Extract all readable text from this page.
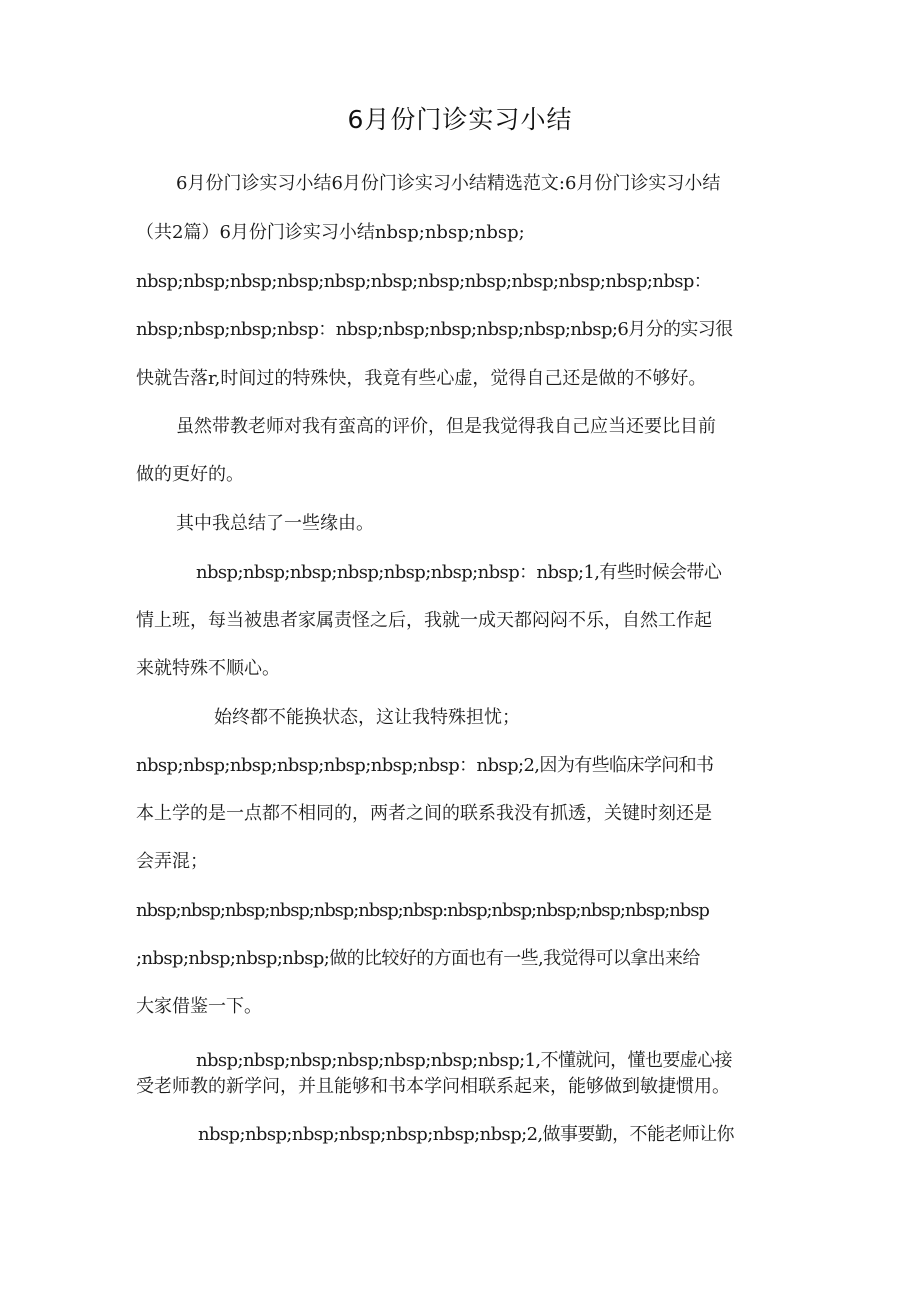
6月份门诊实习小结

6月份门诊实习小结6月份门诊实习小结精选范文:6月份门诊实习小结

（共2篇）6月份门诊实习小结nbsp;nbsp;nbsp;

nbsp;nbsp;nbsp;nbsp;nbsp;nbsp;nbsp;nbsp;nbsp;nbsp;nbsp;nbsp：

nbsp;nbsp;nbsp;nbsp：nbsp;nbsp;nbsp;nbsp;nbsp;nbsp;6月分的实习很

快就告落r,时间过的特殊快，我竟有些心虚，觉得自己还是做的不够好。

虽然带教老师对我有蛮高的评价，但是我觉得我自己应当还要比目前

做的更好的。

其中我总结了一些缘由。

nbsp;nbsp;nbsp;nbsp;nbsp;nbsp;nbsp：nbsp;1,有些时候会带心

情上班，每当被患者家属责怪之后，我就一成天都闷闷不乐，自然工作起

来就特殊不顺心。

始终都不能换状态，这让我特殊担忧；

nbsp;nbsp;nbsp;nbsp;nbsp;nbsp;nbsp：nbsp;2,因为有些临床学问和书

本上学的是一点都不相同的，两者之间的联系我没有抓透，关键时刻还是

会弄混；

nbsp;nbsp;nbsp;nbsp;nbsp;nbsp;nbsp:nbsp;nbsp;nbsp;nbsp;nbsp;nbsp

;nbsp;nbsp;nbsp;nbsp;做的比较好的方面也有一些,我觉得可以拿出来给

大家借鉴一下。

nbsp;nbsp;nbsp;nbsp;nbsp;nbsp;nbsp;1,不懂就问，懂也要虚心接

受老师教的新学问，并且能够和书本学问相联系起来，能够做到敏捷惯用。

nbsp;nbsp;nbsp;nbsp;nbsp;nbsp;nbsp;2,做事要勤，不能老师让你
